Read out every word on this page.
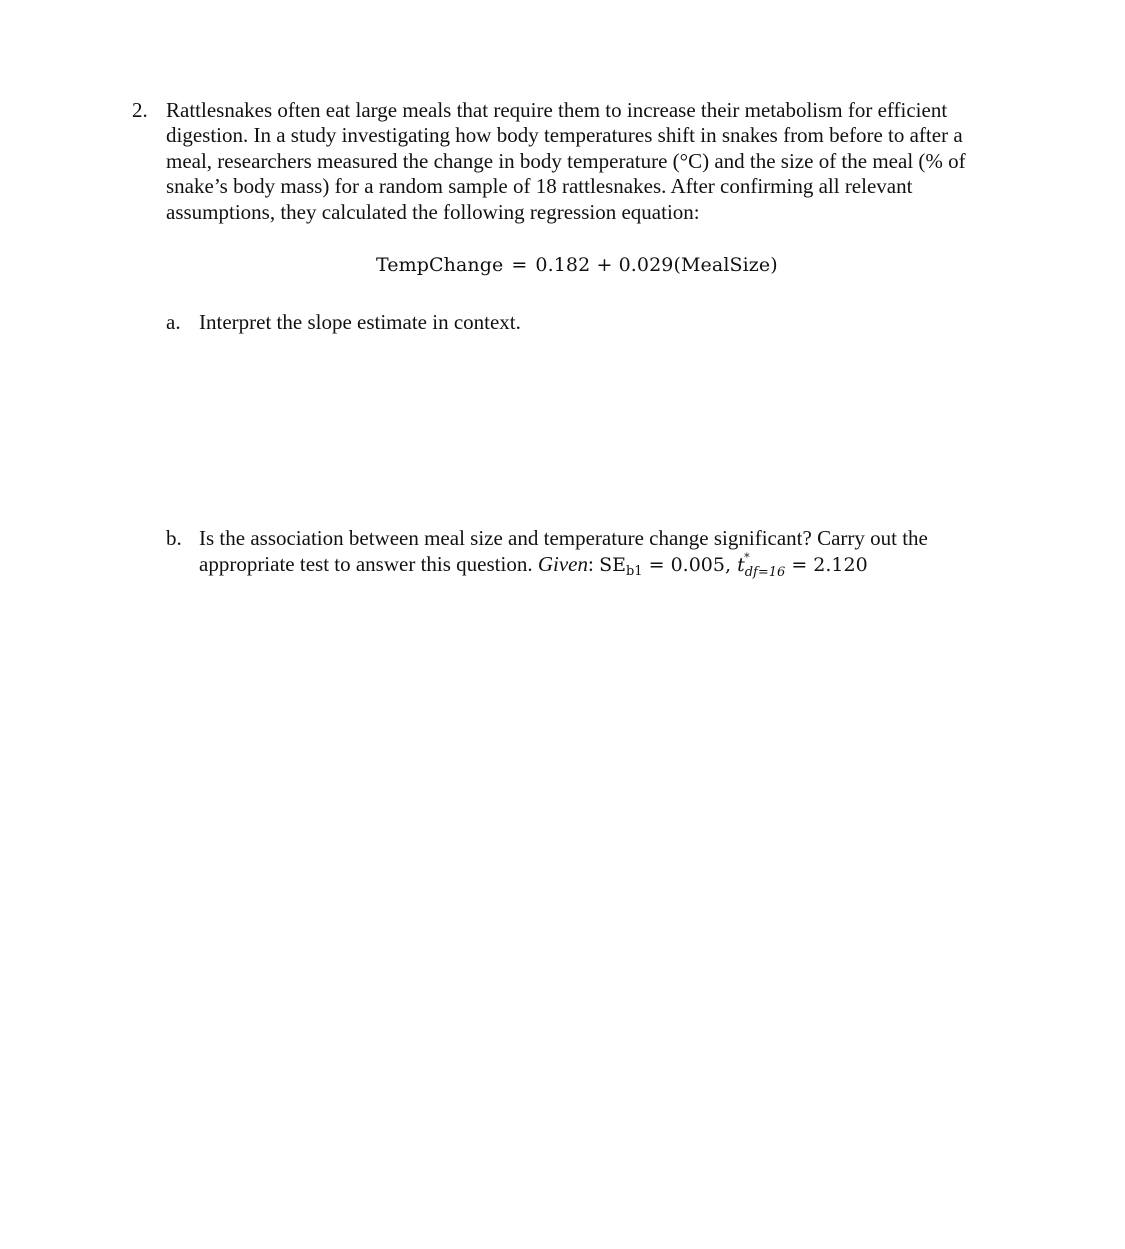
2. Rattlesnakes often eat large meals that require them to increase their metabolism for efficient
digestion. In a study investigating how body temperatures shift in snakes from before to after a
meal, researchers measured the change in body temperature (°C) and the size of the meal (% of
snake’s body mass) for a random sample of 18 rattlesnakes. After confirming all relevant
assumptions, they calculated the following regression equation:
TempChange = 0.182 + 0.029(MealSize)
a. Interpret the slope estimate in context.
b. Is the association between meal size and temperature change significant? Carry out the
appropriate test to answer this question. Given: $SE_{b1} = 0.005$, t *
$_{df=16}$ = 2.120
